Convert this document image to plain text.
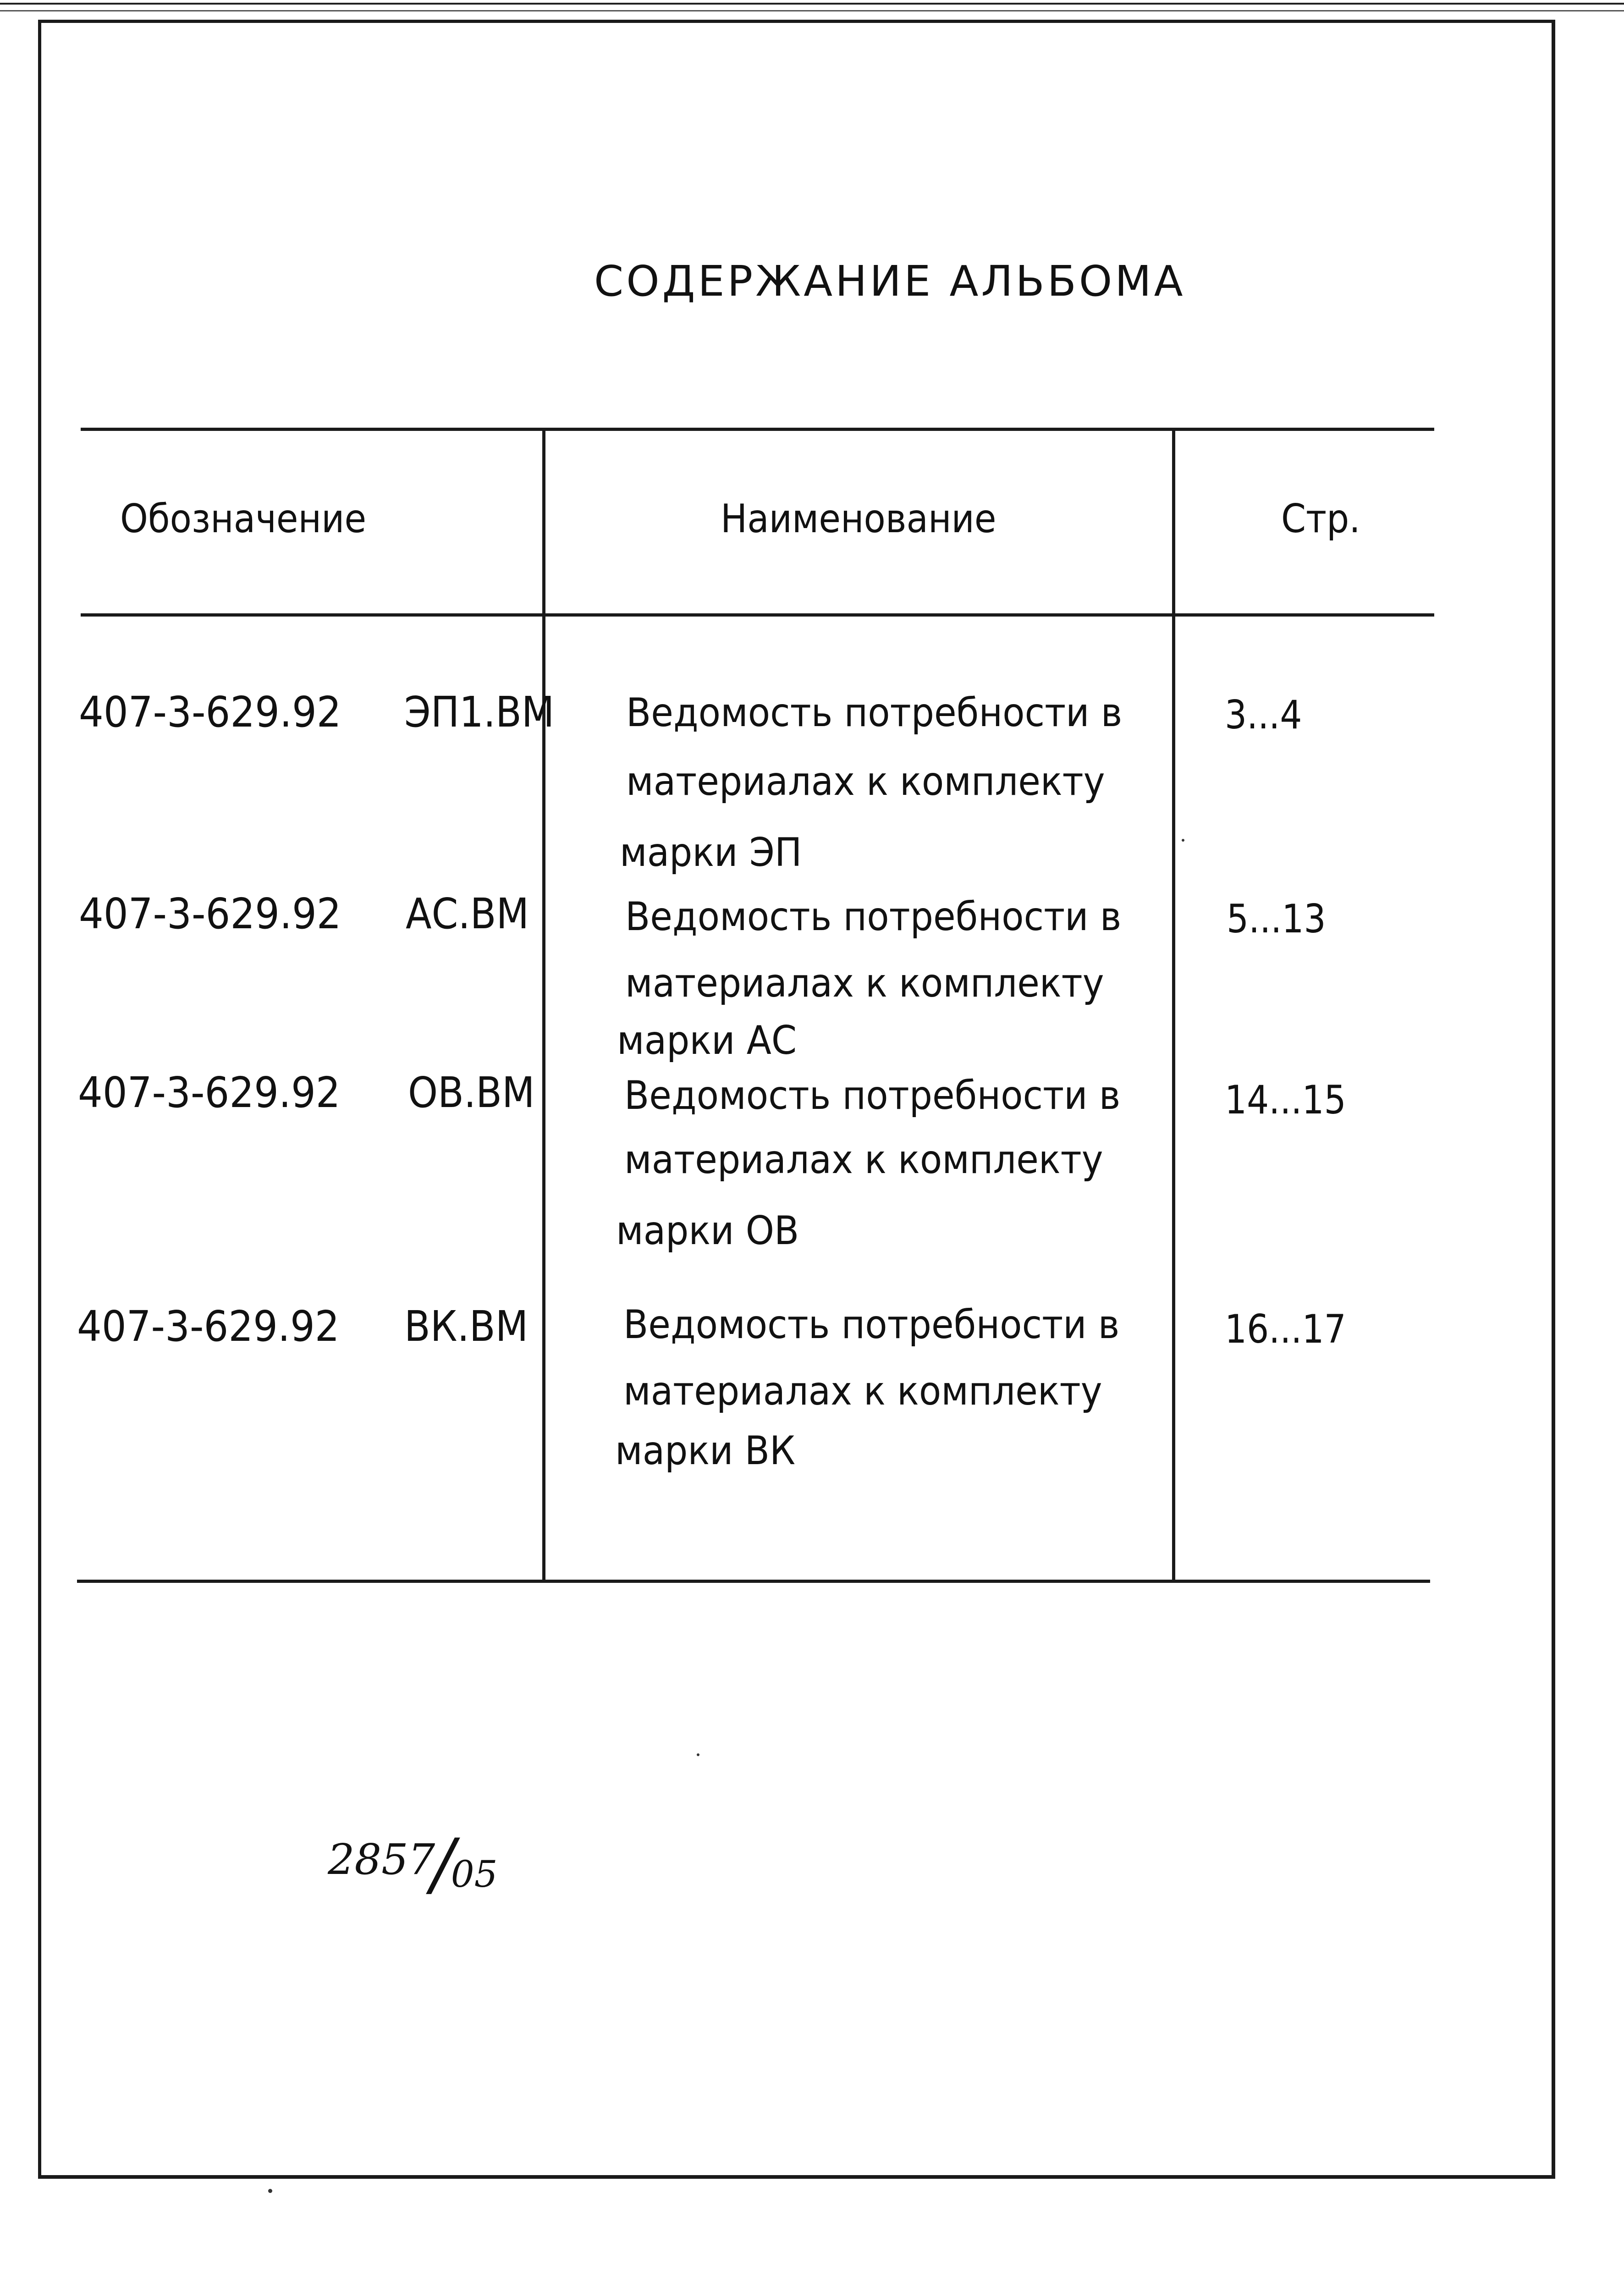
СОДЕРЖАНИЕ АЛЬБОМА
Обозначение	Наименование	Стр.
407-3-629.92 ЭП1.ВМ Ведомость потребности в
материалах к комплекту
марки ЭП
3...4
407-3-629.92 АС.ВМ Ведомость потребности в
материалах к комплекту
марки АС
5...13
407-3-629.92 ОВ.ВМ Ведомость потребности в
материалах к комплекту
марки ОВ
14...15
407-3-629.92 ВК.ВМ Ведомость потребности в
материалах к комплекту
марки ВК
16...17
2857/05
